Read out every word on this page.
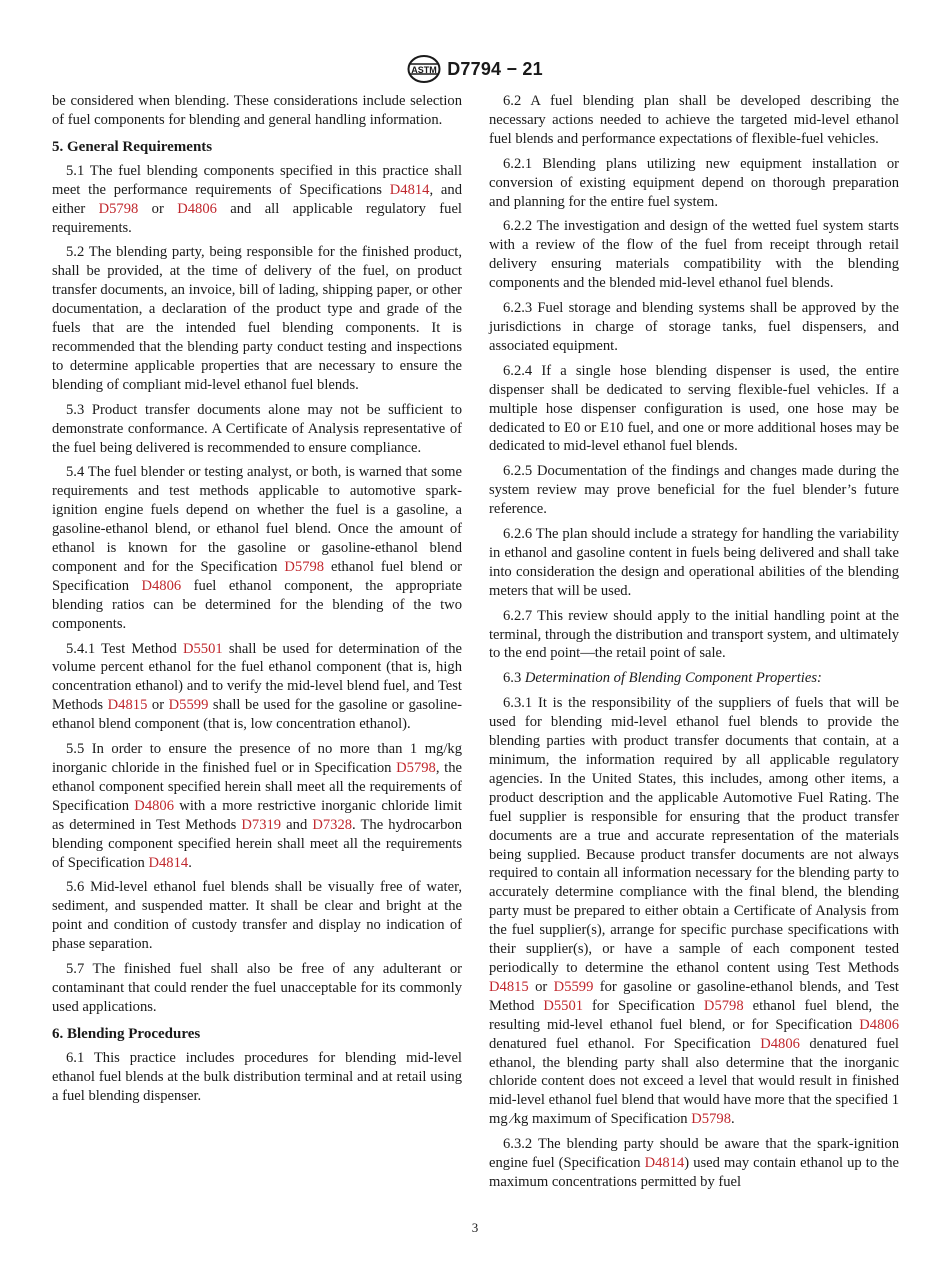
ASTM D7794 − 21

be considered when blending. These considerations include selection of fuel components for blending and general handling information.

5. General Requirements

5.1 The fuel blending components specified in this practice shall meet the performance requirements of Specifications D4814, and either D5798 or D4806 and all applicable regulatory fuel requirements.

5.2 The blending party, being responsible for the finished product, shall be provided, at the time of delivery of the fuel, on product transfer documents, an invoice, bill of lading, shipping paper, or other documentation, a declaration of the product type and grade of the fuels that are the intended fuel blending components. It is recommended that the blending party conduct testing and inspections to determine applicable properties that are necessary to ensure the blending of compliant mid-level ethanol fuel blends.

5.3 Product transfer documents alone may not be sufficient to demonstrate conformance. A Certificate of Analysis representative of the fuel being delivered is recommended to ensure compliance.

5.4 The fuel blender or testing analyst, or both, is warned that some requirements and test methods applicable to automotive spark-ignition engine fuels depend on whether the fuel is a gasoline, a gasoline-ethanol blend, or ethanol fuel blend. Once the amount of ethanol is known for the gasoline or gasoline-ethanol blend component and for the Specification D5798 ethanol fuel blend or Specification D4806 fuel ethanol component, the appropriate blending ratios can be determined for the blending of the two components.

5.4.1 Test Method D5501 shall be used for determination of the volume percent ethanol for the fuel ethanol component (that is, high concentration ethanol) and to verify the mid-level blend fuel, and Test Methods D4815 or D5599 shall be used for the gasoline or gasoline-ethanol blend component (that is, low concentration ethanol).

5.5 In order to ensure the presence of no more than 1 mg/kg inorganic chloride in the finished fuel or in Specification D5798, the ethanol component specified herein shall meet all the requirements of Specification D4806 with a more restrictive inorganic chloride limit as determined in Test Methods D7319 and D7328. The hydrocarbon blending component specified herein shall meet all the requirements of Specification D4814.

5.6 Mid-level ethanol fuel blends shall be visually free of water, sediment, and suspended matter. It shall be clear and bright at the point and condition of custody transfer and display no indication of phase separation.

5.7 The finished fuel shall also be free of any adulterant or contaminant that could render the fuel unacceptable for its commonly used applications.

6. Blending Procedures

6.1 This practice includes procedures for blending mid-level ethanol fuel blends at the bulk distribution terminal and at retail using a fuel blending dispenser.

6.2 A fuel blending plan shall be developed describing the necessary actions needed to achieve the targeted mid-level ethanol fuel blends and performance expectations of flexible-fuel vehicles.

6.2.1 Blending plans utilizing new equipment installation or conversion of existing equipment depend on thorough preparation and planning for the entire fuel system.

6.2.2 The investigation and design of the wetted fuel system starts with a review of the flow of the fuel from receipt through retail delivery ensuring materials compatibility with the blending components and the blended mid-level ethanol fuel blends.

6.2.3 Fuel storage and blending systems shall be approved by the jurisdictions in charge of storage tanks, fuel dispensers, and associated equipment.

6.2.4 If a single hose blending dispenser is used, the entire dispenser shall be dedicated to serving flexible-fuel vehicles. If a multiple hose dispenser configuration is used, one hose may be dedicated to E0 or E10 fuel, and one or more additional hoses may be dedicated to mid-level ethanol fuel blends.

6.2.5 Documentation of the findings and changes made during the system review may prove beneficial for the fuel blender’s future reference.

6.2.6 The plan should include a strategy for handling the variability in ethanol and gasoline content in fuels being delivered and shall take into consideration the design and operational abilities of the blending meters that will be used.

6.2.7 This review should apply to the initial handling point at the terminal, through the distribution and transport system, and ultimately to the end point—the retail point of sale.

6.3 Determination of Blending Component Properties:

6.3.1 It is the responsibility of the suppliers of fuels that will be used for blending mid-level ethanol fuel blends to provide the blending parties with product transfer documents that contain, at a minimum, the information required by all applicable regulatory agencies. In the United States, this includes, among other items, a product description and the applicable Automotive Fuel Rating. The fuel supplier is responsible for ensuring that the product transfer documents are a true and accurate representation of the materials being supplied. Because product transfer documents are not always required to contain all information necessary for the blending party to accurately determine compliance with the final blend, the blending party must be prepared to either obtain a Certificate of Analysis from the fuel supplier(s), arrange for specific purchase specifications with their supplier(s), or have a sample of each component tested periodically to determine the ethanol content using Test Methods D4815 or D5599 for gasoline or gasoline-ethanol blends, and Test Method D5501 for Specification D5798 ethanol fuel blend, the resulting mid-level ethanol fuel blend, or for Specification D4806 denatured fuel ethanol. For Specification D4806 denatured fuel ethanol, the blending party shall also determine that the inorganic chloride content does not exceed a level that would result in finished mid-level ethanol fuel blend that would have more that the specified 1 mg ⁄kg maximum of Specification D5798.

6.3.2 The blending party should be aware that the spark-ignition engine fuel (Specification D4814) used may contain ethanol up to the maximum concentrations permitted by fuel

3
